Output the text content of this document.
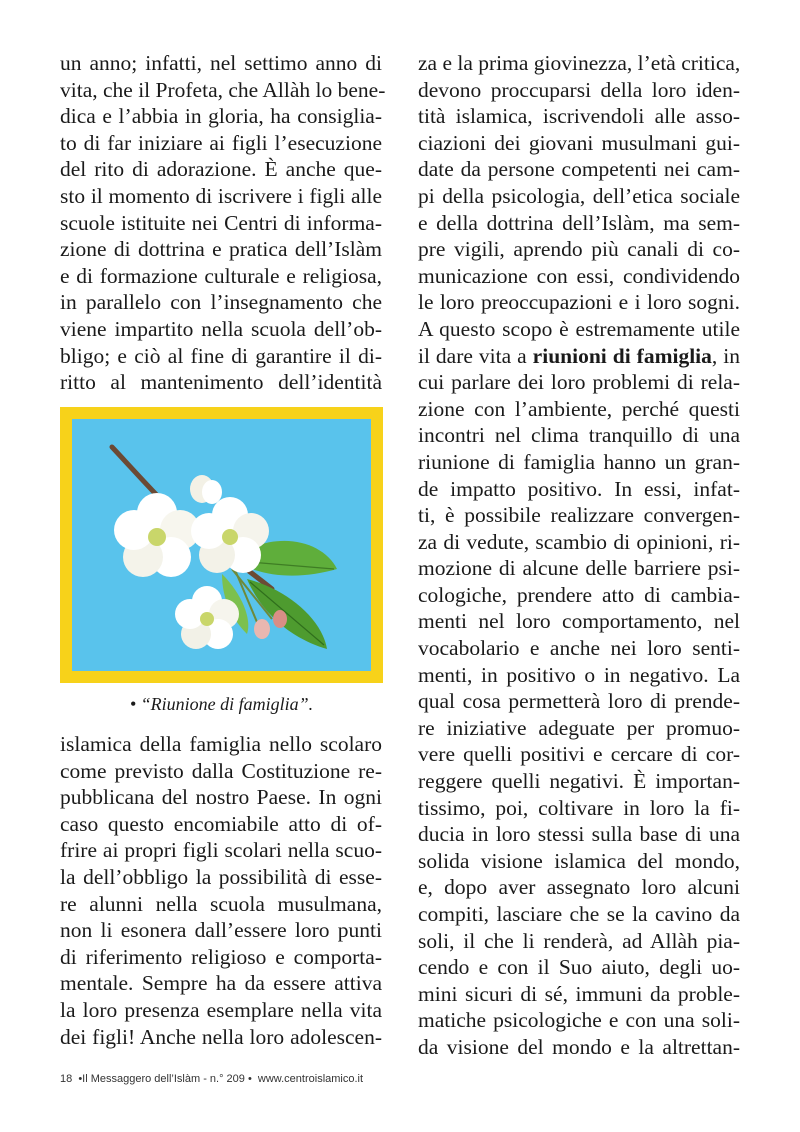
un anno; infatti, nel settimo anno di
vita, che il Profeta, che Allàh lo bene-
dica e l’abbia in gloria, ha consiglia-
to di far iniziare ai figli l’esecuzione
del rito di adorazione. È anche que-
sto il momento di iscrivere i figli alle
scuole istituite nei Centri di informa-
zione di dottrina e pratica dell’Islàm
e di formazione culturale e religiosa,
in parallelo con l’insegnamento che
viene impartito nella scuola dell’ob-
bligo; e ciò al fine di garantire il di-
ritto al mantenimento dell’identità
• “Riunione di famiglia”.
islamica della famiglia nello scolaro
come previsto dalla Costituzione re-
pubblicana del nostro Paese. In ogni
caso questo encomiabile atto di of-
frire ai propri figli scolari nella scuo-
la dell’obbligo la possibilità di esse-
re alunni nella scuola musulmana,
non li esonera dall’essere loro punti
di riferimento religioso e comporta-
mentale. Sempre ha da essere attiva
la loro presenza esemplare nella vita
dei figli! Anche nella loro adolescen-
za e la prima giovinezza, l’età critica,
devono proccuparsi della loro iden-
tità islamica, iscrivendoli alle asso-
ciazioni dei giovani musulmani gui-
date da persone competenti nei cam-
pi della psicologia, dell’etica sociale
e della dottrina dell’Islàm, ma sem-
pre vigili, aprendo più canali di co-
municazione con essi, condividendo
le loro preoccupazioni e i loro sogni.
A questo scopo è estremamente utile
il dare vita a riunioni di famiglia, in
cui parlare dei loro problemi di rela-
zione con l’ambiente, perché questi
incontri nel clima tranquillo di una
riunione di famiglia hanno un gran-
de impatto positivo. In essi, infat-
ti, è possibile realizzare convergen-
za di vedute, scambio di opinioni, ri-
mozione di alcune delle barriere psi-
cologiche, prendere atto di cambia-
menti nel loro comportamento, nel
vocabolario e anche nei loro senti-
menti, in positivo o in negativo. La
qual cosa permetterà loro di prende-
re iniziative adeguate per promuo-
vere quelli positivi e cercare di cor-
reggere quelli negativi. È importan-
tissimo, poi, coltivare in loro la fi-
ducia in loro stessi sulla base di una
solida visione islamica del mondo,
e, dopo aver assegnato loro alcuni
compiti, lasciare che se la cavino da
soli, il che li renderà, ad Allàh pia-
cendo e con il Suo aiuto, degli uo-
mini sicuri di sé, immuni da proble-
matiche psicologiche e con una soli-
da visione del mondo e la altrettan-
18 •Il Messaggero dell’Islàm - n.° 209 • www.centroislamico.it
